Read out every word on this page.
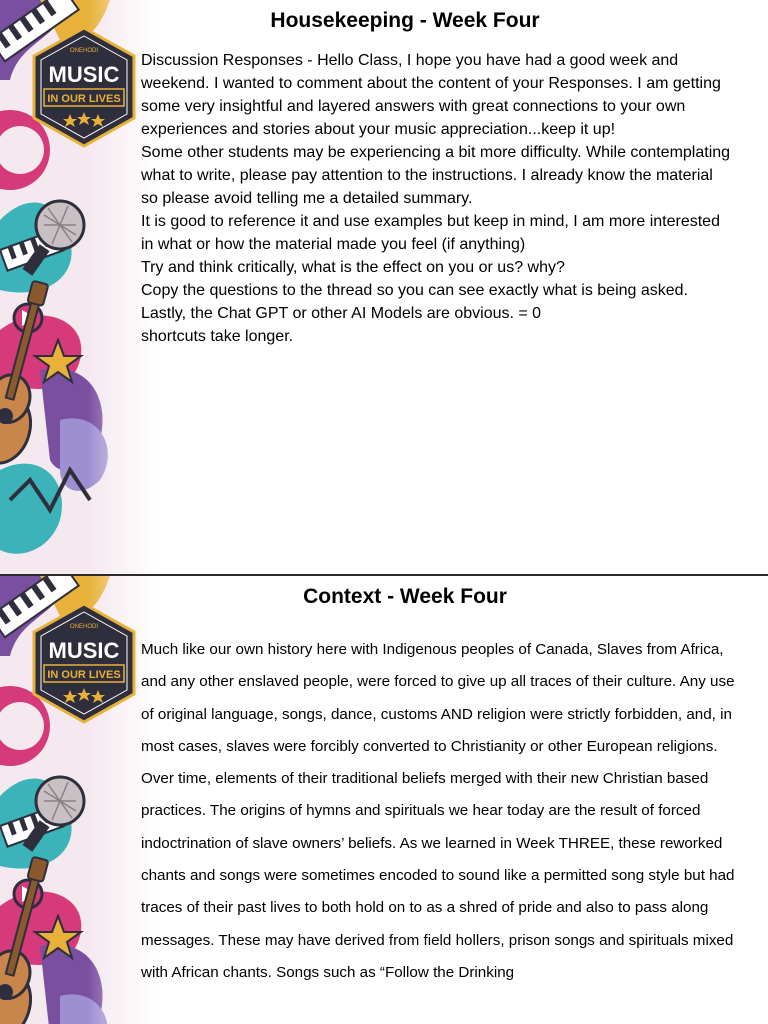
ONEHODI
MUSIC
IN OUR LIVES
Housekeeping - Week Four

Discussion Responses - Hello Class, I hope you have had a good week and weekend. I wanted to comment about the content of your Responses. I am getting some very insightful and layered answers with great connections to your own experiences and stories about your music appreciation...keep it up!

Some other students may be experiencing a bit more difficulty. While contemplating what to write, please pay attention to the instructions. I already know the material so please avoid telling me a detailed summary.

It is good to reference it and use examples but keep in mind, I am more interested in what or how the material made you feel (if anything)

Try and think critically, what is the effect on you or us? why?

Copy the questions to the thread so you can see exactly what is being asked.

Lastly, the Chat GPT or other AI Models are obvious. = 0

shortcuts take longer.

ONEHODI
MUSIC
IN OUR LIVES
Context - Week Four
Much like our own history here with Indigenous peoples of Canada, Slaves from Africa, and any other enslaved people, were forced to give up all traces of their culture. Any use of original language, songs, dance, customs AND religion were strictly forbidden, and, in most cases, slaves were forcibly converted to Christianity or other European religions. Over time, elements of their traditional beliefs merged with their new Christian based practices. The origins of hymns and spirituals we hear today are the result of forced indoctrination of slave owners’ beliefs. As we learned in Week THREE, these reworked chants and songs were sometimes encoded to sound like a permitted song style but had traces of their past lives to both hold on to as a shred of pride and also to pass along messages. These may have derived from field hollers, prison songs and spirituals mixed with African chants. Songs such as “Follow the Drinking
